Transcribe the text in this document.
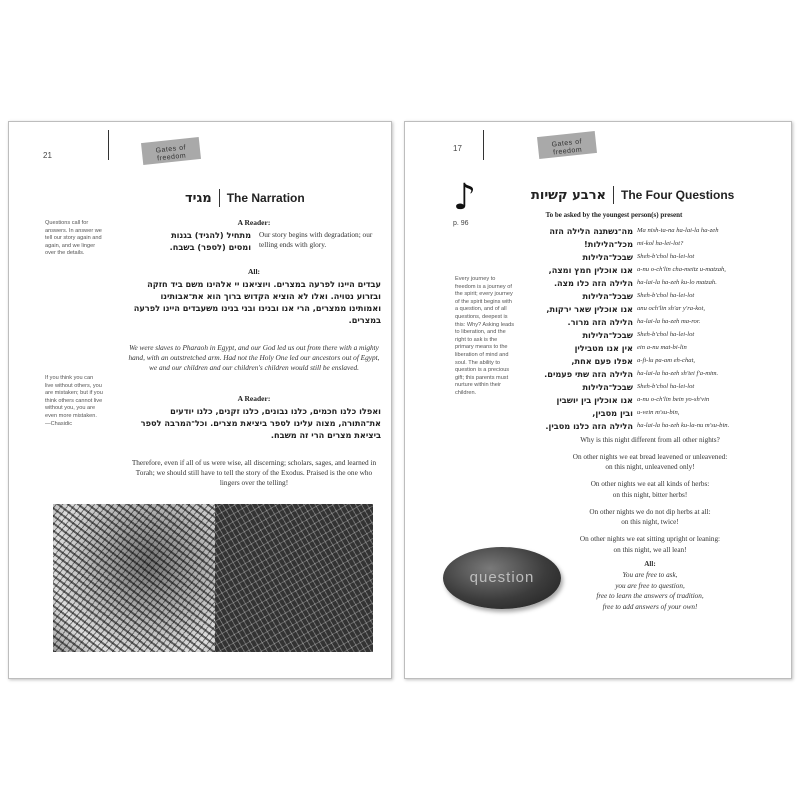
21
Gates of freedom
מגיד The Narration
Questions call for answers. In answer we tell our story again and again, and we linger over the details.
If you think you can live without others, you are mistaken; but if you think others cannot live without you, you are even more mistaken. —Chasidic
A Reader:
מתחיל (להגיד) בגנות
ומסים (לספר) בשבח.
Our story begins with degradation; our telling ends with glory.
All:
עבדים היינו לפרעה במצרים. ויוציאנו יי אלהינו משם ביד חזקה ובזרוע נטויה. ואלו לא הוציא הקדוש ברוך הוא את־אבותינו ואמותינו ממצרים, הרי אנו ובנינו ובני בנינו משעבדים היינו לפרעה במצרים.
We were slaves to Pharaoh in Egypt, and our God led us out from there with a mighty hand, with an outstretched arm. Had not the Holy One led our ancestors out of Egypt, we and our children and our children's children would still be enslaved.
A Reader:
ואפלו כלנו חכמים, כלנו נבונים, כלנו זקנים, כלנו יודעים את־התורה, מצוה עלינו לספר ביציאת מצרים. וכל־המרבה לספר ביציאת מצרים הרי זה משבח.
Therefore, even if all of us were wise, all discerning; scholars, sages, and learned in Torah; we should still have to tell the story of the Exodus. Praised is the one who lingers over the telling!
17	Gates of freedom
♪
p. 96
ארבע קשיות The Four Questions
To be asked by the youngest person(s) present
Every journey to freedom is a journey of the spirit; every journey of the spirit begins with a question, and of all questions, deepest is this: Why? Asking leads to liberation, and the right to ask is the primary means to the liberation of mind and soul. The ability to question is a precious gift; this parents must nurture within their children.
מה־נשתנה הלילה הזה Ma nish-ta-na ha-lai-la ha-zeh
מכל־הלילות! mi-kol ha-lei-lot?
שבכל־הלילות Sheh-b'chol ha-lei-lot
אנו אוכלין חמץ ומצה, a-nu o-ch'lin cha-meitz u-matzah,
הלילה הזה כלו מצה. ha-lai-la ha-zeh ku-lo matzah.
שבכל־הלילות Sheh-b'chol ha-lei-lot
אנו אוכלין שאר ירקות, anu och'lin sh'ar y'ra-kot,
הלילה הזה מרור. ha-lai-la ha-zeh ma-ror.
שבכל־הלילות Sheh-b'chol ha-lei-lot
אין אנו מטבילין ein a-nu mat-bi-lin
אפלו פעם אחת, a-fi-lu pa-am eh-chat,
הלילה הזה שתי פעמים. ha-lai-la ha-zeh sh'tei f'a-mim.
שבכל־הלילות Sheh-b'chol ha-lei-lot
אנו אוכלין בין יושבין a-nu o-ch'lin bein yo-sh'vin
ובין מסבין, u-vein m'su-bin,
הלילה הזה כלנו מסבין. ha-lai-la ha-zeh ku-la-nu m'su-bin.
Why is this night different from all other nights?
On other nights we eat bread leavened or unleavened:
on this night, unleavened only!
On other nights we eat all kinds of herbs:
on this night, bitter herbs!
On other nights we do not dip herbs at all:
on this night, twice!
On other nights we eat sitting upright or leaning:
on this night, we all lean!
All:
You are free to ask,
you are free to question,
free to learn the answers of tradition,
free to add answers of your own!
question
